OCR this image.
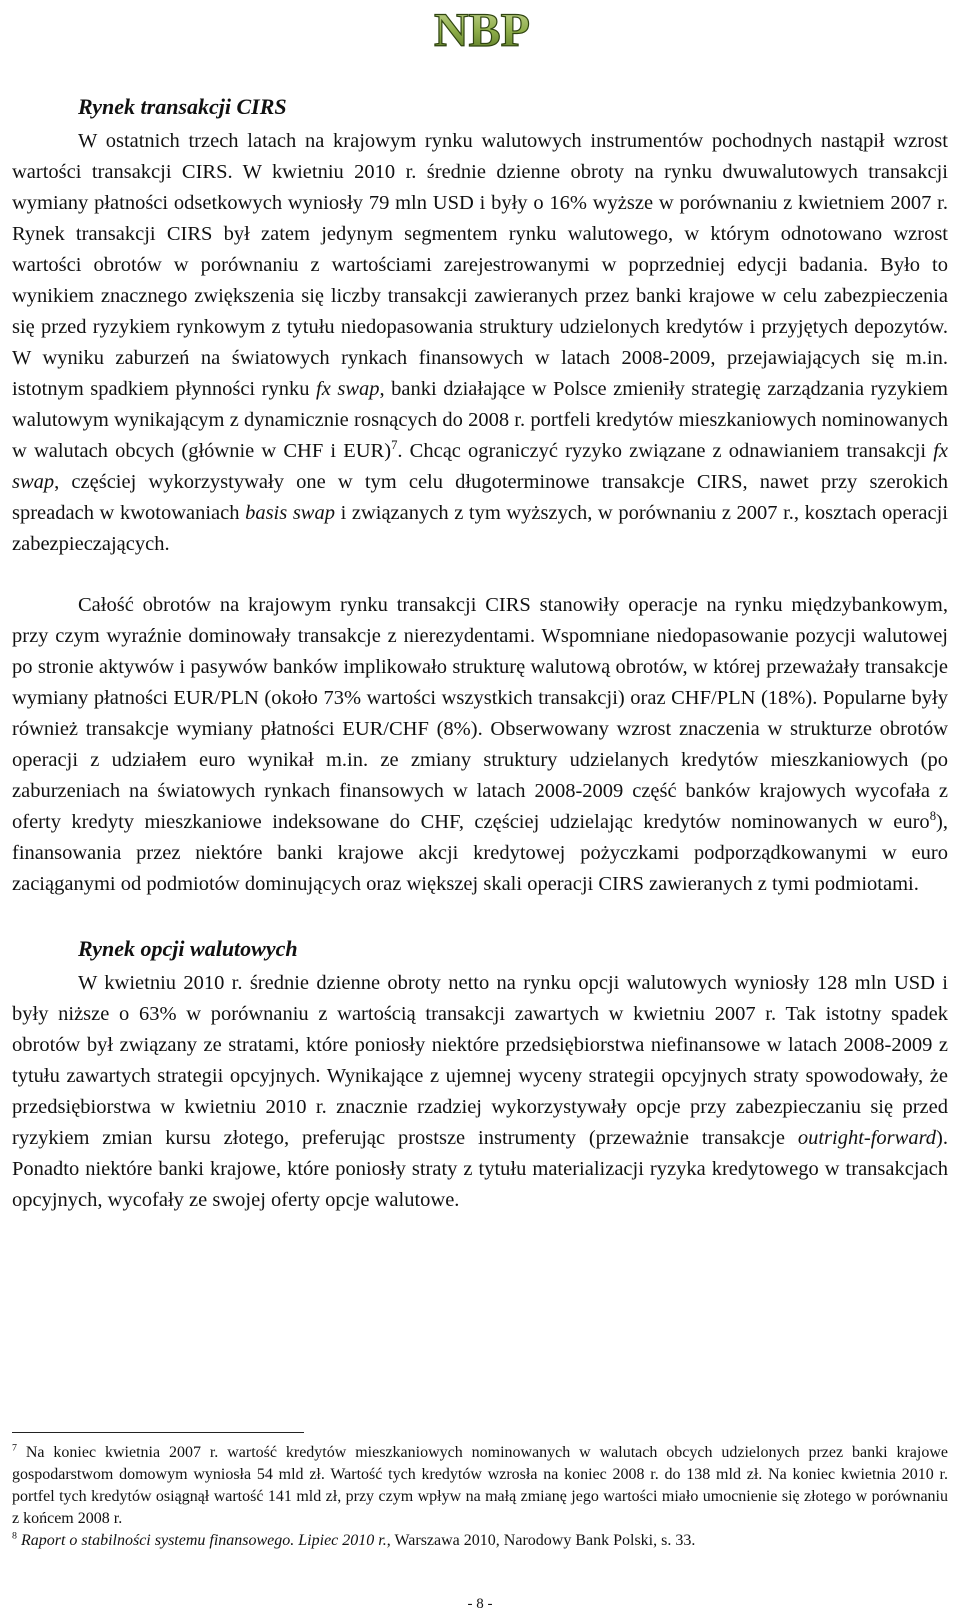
NBP
Rynek transakcji CIRS

W ostatnich trzech latach na krajowym rynku walutowych instrumentów pochodnych nastąpił wzrost wartości transakcji CIRS. W kwietniu 2010 r. średnie dzienne obroty na rynku dwuwalutowych transakcji wymiany płatności odsetkowych wyniosły 79 mln USD i były o 16% wyższe w porównaniu z kwietniem 2007 r. Rynek transakcji CIRS był zatem jedynym segmentem rynku walutowego, w którym odnotowano wzrost wartości obrotów w porównaniu z wartościami zarejestrowanymi w poprzedniej edycji badania. Było to wynikiem znacznego zwiększenia się liczby transakcji zawieranych przez banki krajowe w celu zabezpieczenia się przed ryzykiem rynkowym z tytułu niedopasowania struktury udzielonych kredytów i przyjętych depozytów. W wyniku zaburzeń na światowych rynkach finansowych w latach 2008-2009, przejawiających się m.in. istotnym spadkiem płynności rynku fx swap, banki działające w Polsce zmieniły strategię zarządzania ryzykiem walutowym wynikającym z dynamicznie rosnących do 2008 r. portfeli kredytów mieszkaniowych nominowanych w walutach obcych (głównie w CHF i EUR)$^7$. Chcąc ograniczyć ryzyko związane z odnawianiem transakcji fx swap, częściej wykorzystywały one w tym celu długoterminowe transakcje CIRS, nawet przy szerokich spreadach w kwotowaniach basis swap i związanych z tym wyższych, w porównaniu z 2007 r., kosztach operacji zabezpieczających.

Całość obrotów na krajowym rynku transakcji CIRS stanowiły operacje na rynku międzybankowym, przy czym wyraźnie dominowały transakcje z nierezydentami. Wspomniane niedopasowanie pozycji walutowej po stronie aktywów i pasywów banków implikowało strukturę walutową obrotów, w której przeważały transakcje wymiany płatności EUR/PLN (około 73% wartości wszystkich transakcji) oraz CHF/PLN (18%). Popularne były również transakcje wymiany płatności EUR/CHF (8%). Obserwowany wzrost znaczenia w strukturze obrotów operacji z udziałem euro wynikał m.in. ze zmiany struktury udzielanych kredytów mieszkaniowych (po zaburzeniach na światowych rynkach finansowych w latach 2008-2009 część banków krajowych wycofała z oferty kredyty mieszkaniowe indeksowane do CHF, częściej udzielając kredytów nominowanych w euro$^8$), finansowania przez niektóre banki krajowe akcji kredytowej pożyczkami podporządkowanymi w euro zaciąganymi od podmiotów dominujących oraz większej skali operacji CIRS zawieranych z tymi podmiotami.

Rynek opcji walutowych

W kwietniu 2010 r. średnie dzienne obroty netto na rynku opcji walutowych wyniosły 128 mln USD i były niższe o 63% w porównaniu z wartością transakcji zawartych w kwietniu 2007 r. Tak istotny spadek obrotów był związany ze stratami, które poniosły niektóre przedsiębiorstwa niefinansowe w latach 2008-2009 z tytułu zawartych strategii opcyjnych. Wynikające z ujemnej wyceny strategii opcyjnych straty spowodowały, że przedsiębiorstwa w kwietniu 2010 r. znacznie rzadziej wykorzystywały opcje przy zabezpieczaniu się przed ryzykiem zmian kursu złotego, preferując prostsze instrumenty (przeważnie transakcje outright-forward). Ponadto niektóre banki krajowe, które poniosły straty z tytułu materializacji ryzyka kredytowego w transakcjach opcyjnych, wycofały ze swojej oferty opcje walutowe.

$^7$ Na koniec kwietnia 2007 r. wartość kredytów mieszkaniowych nominowanych w walutach obcych udzielonych przez banki krajowe gospodarstwom domowym wyniosła 54 mld zł. Wartość tych kredytów wzrosła na koniec 2008 r. do 138 mld zł. Na koniec kwietnia 2010 r. portfel tych kredytów osiągnął wartość 141 mld zł, przy czym wpływ na małą zmianę jego wartości miało umocnienie się złotego w porównaniu z końcem 2008 r.

$^8$ Raport o stabilności systemu finansowego. Lipiec 2010 r., Warszawa 2010, Narodowy Bank Polski, s. 33.

- 8 -
